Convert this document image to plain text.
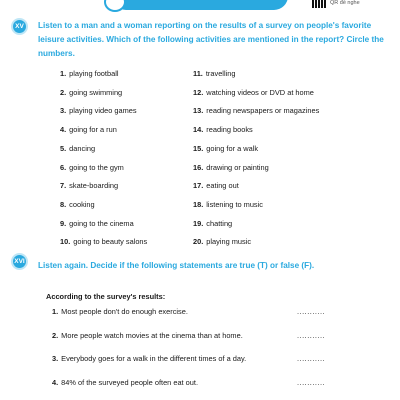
QR đề nghe
XV	Listen to a man and a woman reporting on the results of a survey on people's favorite
leisure activities. Which of the following activities are mentioned in the report? Circle the
numbers.
1. playing football
2. going swimming
3. playing video games
4. going for a run
5. dancing
6. going to the gym
7. skate-boarding
8. cooking
9. going to the cinema
10. going to beauty salons
11. travelling
12. watching videos or DVD at home
13. reading newspapers or magazines
14. reading books
15. going for a walk
16. drawing or painting
17. eating out
18. listening to music
19. chatting
20. playing music
XVI	Listen again. Decide if the following statements are true (T) or false (F).
According to the survey's results:
1. Most people don't do enough exercise.	...........
2. More people watch movies at the cinema than at home.	...........
3. Everybody goes for a walk in the different times of a day.	...........
4. 84% of the surveyed people often eat out.	...........
